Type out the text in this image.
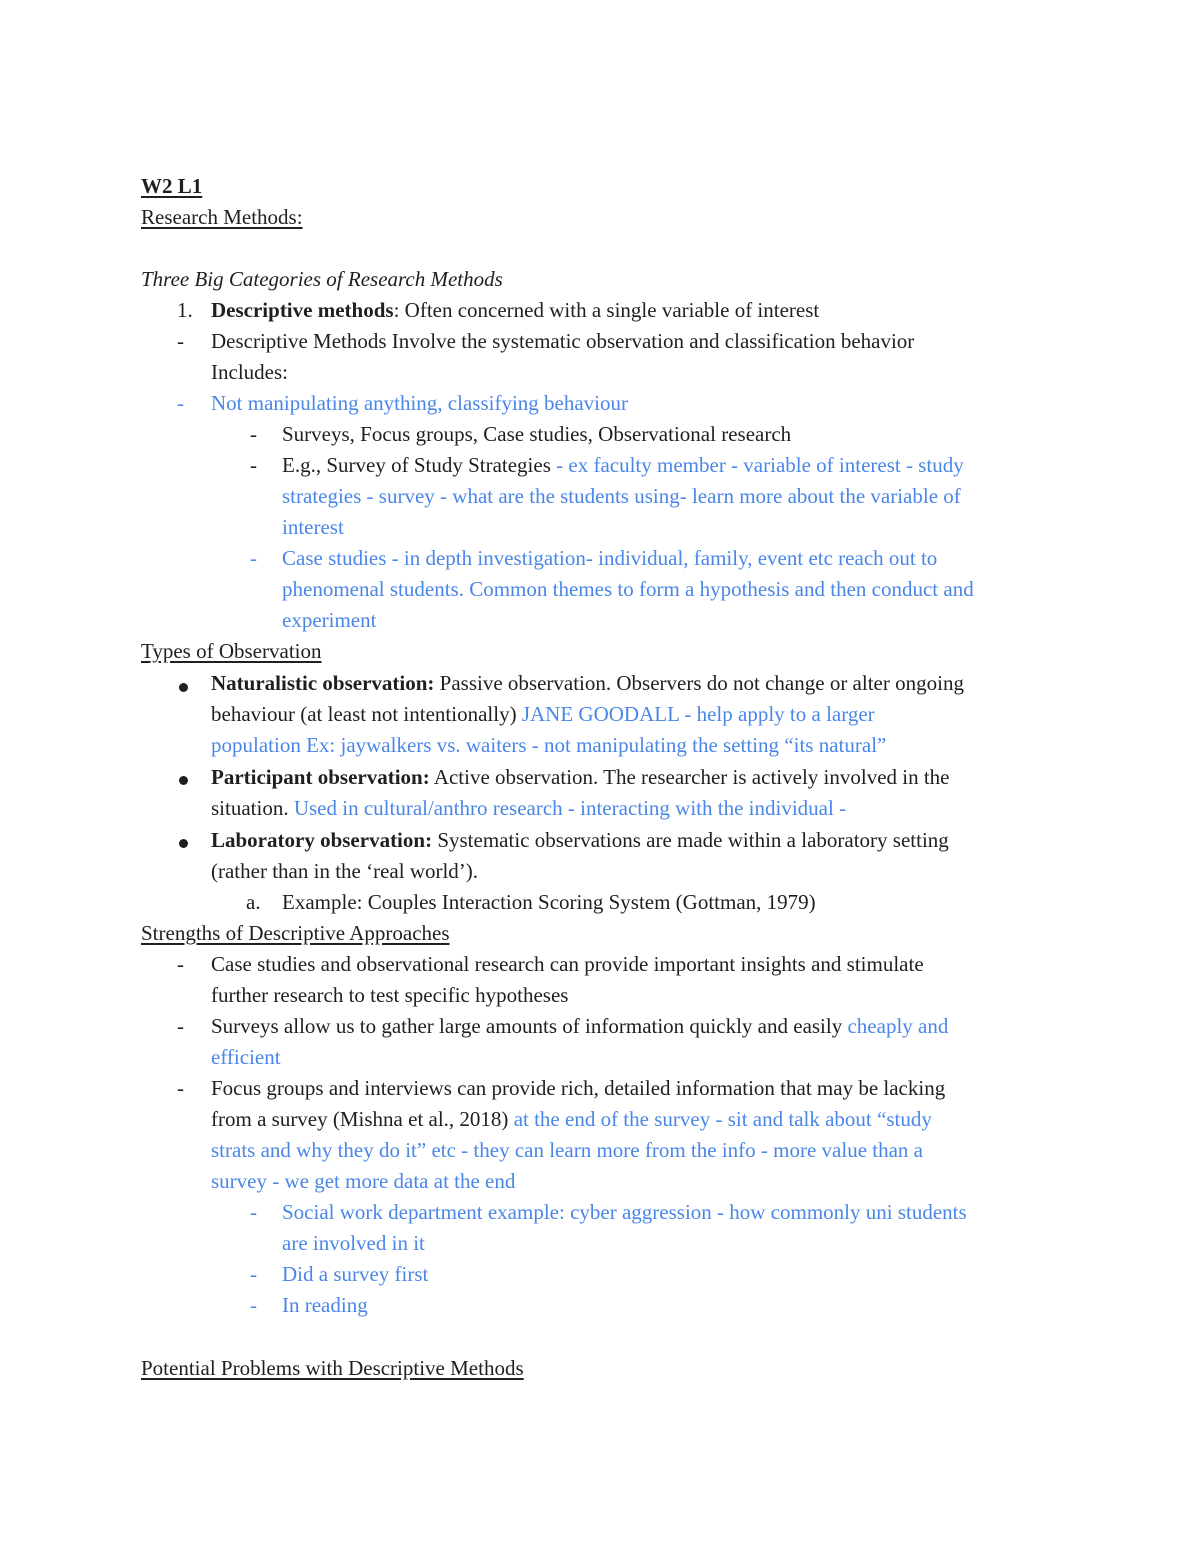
W2 L1
Research Methods:
Three Big Categories of Research Methods
1. Descriptive methods: Often concerned with a single variable of interest
- Descriptive Methods Involve the systematic observation and classification behavior
Includes:
- Not manipulating anything, classifying behaviour
- Surveys, Focus groups, Case studies, Observational research
- E.g., Survey of Study Strategies - ex faculty member - variable of interest - study
strategies - survey - what are the students using- learn more about the variable of
interest
- Case studies - in depth investigation- individual, family, event etc reach out to
phenomenal students. Common themes to form a hypothesis and then conduct and
experiment
Types of Observation
Naturalistic observation: Passive observation. Observers do not change or alter ongoing
behaviour (at least not intentionally) JANE GOODALL - help apply to a larger
population Ex: jaywalkers vs. waiters - not manipulating the setting “its natural”
Participant observation: Active observation. The researcher is actively involved in the
situation. Used in cultural/anthro research - interacting with the individual -
Laboratory observation: Systematic observations are made within a laboratory setting
(rather than in the ‘real world’).
a. Example: Couples Interaction Scoring System (Gottman, 1979)
Strengths of Descriptive Approaches
- Case studies and observational research can provide important insights and stimulate
further research to test specific hypotheses
- Surveys allow us to gather large amounts of information quickly and easily cheaply and
efficient
- Focus groups and interviews can provide rich, detailed information that may be lacking
from a survey (Mishna et al., 2018) at the end of the survey - sit and talk about “study
strats and why they do it” etc - they can learn more from the info - more value than a
survey - we get more data at the end
- Social work department example: cyber aggression - how commonly uni students
are involved in it
- Did a survey first
- In reading
Potential Problems with Descriptive Methods
